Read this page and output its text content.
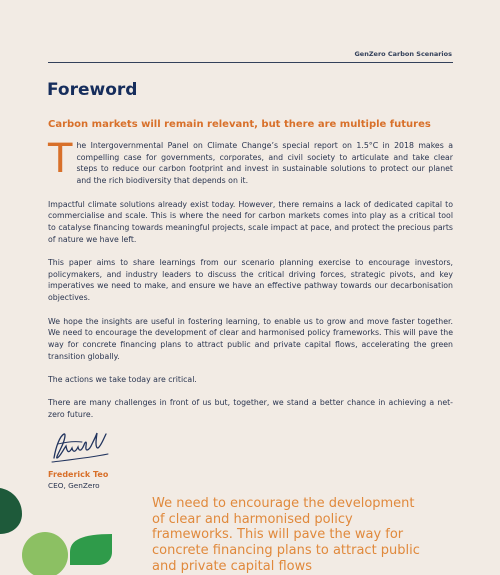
GenZero Carbon Scenarios
Foreword
Carbon markets will remain relevant, but there are multiple futures

The Intergovernmental Panel on Climate Change’s special report on 1.5°C in 2018 makes a compelling case for governments, corporates, and civil society to articulate and take clear steps to reduce our carbon footprint and invest in sustainable solutions to protect our planet and the rich biodiversity that depends on it.

Impactful climate solutions already exist today. However, there remains a lack of dedicated capital to commercialise and scale. This is where the need for carbon markets comes into play as a critical tool to catalyse financing towards meaningful projects, scale impact at pace, and protect the precious parts of nature we have left.

This paper aims to share learnings from our scenario planning exercise to encourage investors, policymakers, and industry leaders to discuss the critical driving forces, strategic pivots, and key imperatives we need to make, and ensure we have an effective pathway towards our decarbonisation objectives.

We hope the insights are useful in fostering learning, to enable us to grow and move faster together. We need to encourage the development of clear and harmonised policy frameworks. This will pave the way for concrete financing plans to attract public and private capital flows, accelerating the green transition globally.

The actions we take today are critical.

There are many challenges in front of us but, together, we stand a better chance in achieving a net-zero future.

Frederick Teo
CEO, GenZero

We need to encourage the development of clear and harmonised policy frameworks. This will pave the way for concrete financing plans to attract public and private capital flows
